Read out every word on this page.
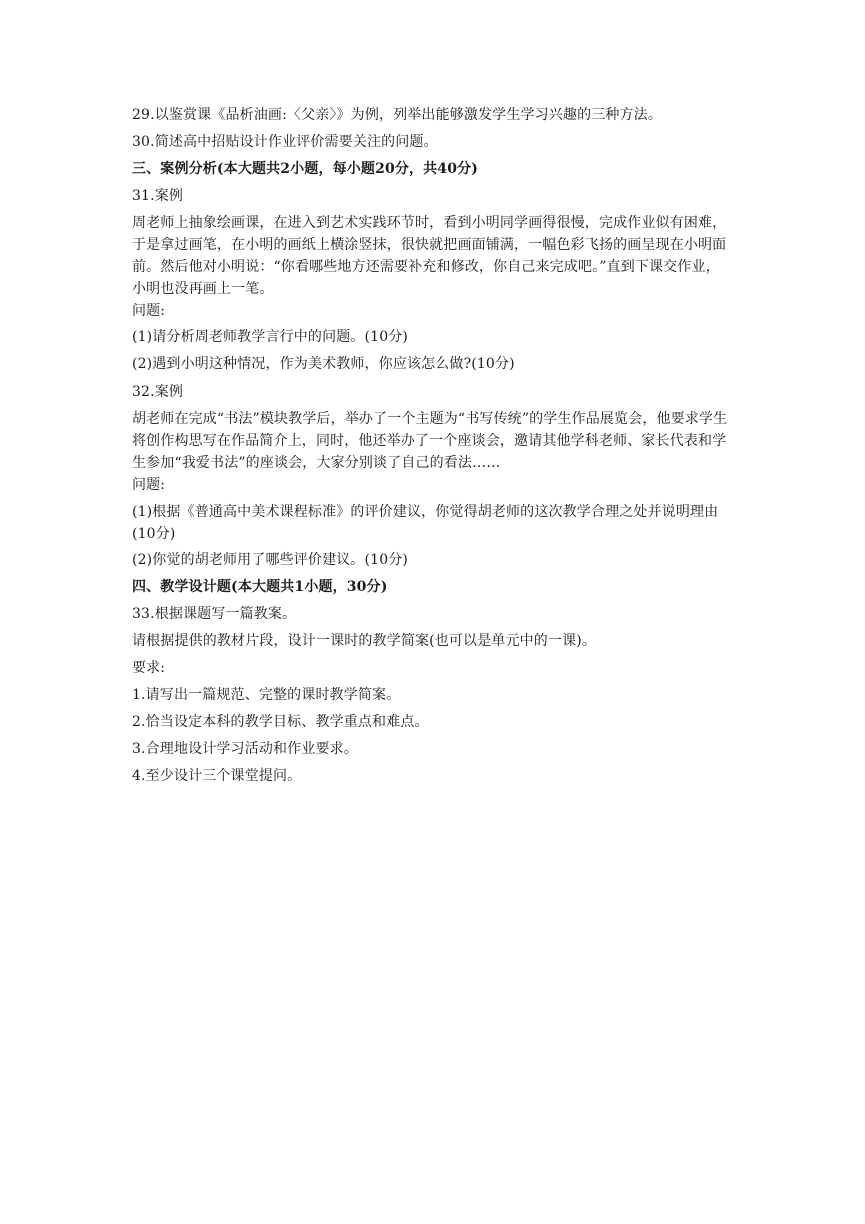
29.以鉴赏课《品析油画:〈父亲〉》为例，列举出能够激发学生学习兴趣的三种方法。
30.简述高中招贴设计作业评价需要关注的问题。
三、案例分析(本大题共2小题，每小题20分，共40分)
31.案例
周老师上抽象绘画课，在进入到艺术实践环节时，看到小明同学画得很慢，完成作业似有困难，于是拿过画笔，在小明的画纸上横涂竖抹，很快就把画面铺满，一幅色彩飞扬的画呈现在小明面前。然后他对小明说：“你看哪些地方还需要补充和修改，你自己来完成吧。”直到下课交作业，小明也没再画上一笔。
问题:
(1)请分析周老师教学言行中的问题。(10分)
(2)遇到小明这种情况，作为美术教师，你应该怎么做?(10分)
32.案例
胡老师在完成“书法”模块教学后，举办了一个主题为“书写传统”的学生作品展览会，他要求学生将创作构思写在作品简介上，同时，他还举办了一个座谈会，邀请其他学科老师、家长代表和学生参加“我爱书法”的座谈会，大家分别谈了自己的看法……
问题:
(1)根据《普通高中美术课程标准》的评价建议，你觉得胡老师的这次教学合理之处并说明理由(10分)
(2)你觉的胡老师用了哪些评价建议。(10分)
四、教学设计题(本大题共1小题，30分)
33.根据课题写一篇教案。
请根据提供的教材片段，设计一课时的教学简案(也可以是单元中的一课)。
要求:
1.请写出一篇规范、完整的课时教学简案。
2.恰当设定本科的教学目标、教学重点和难点。
3.合理地设计学习活动和作业要求。
4.至少设计三个课堂提问。
